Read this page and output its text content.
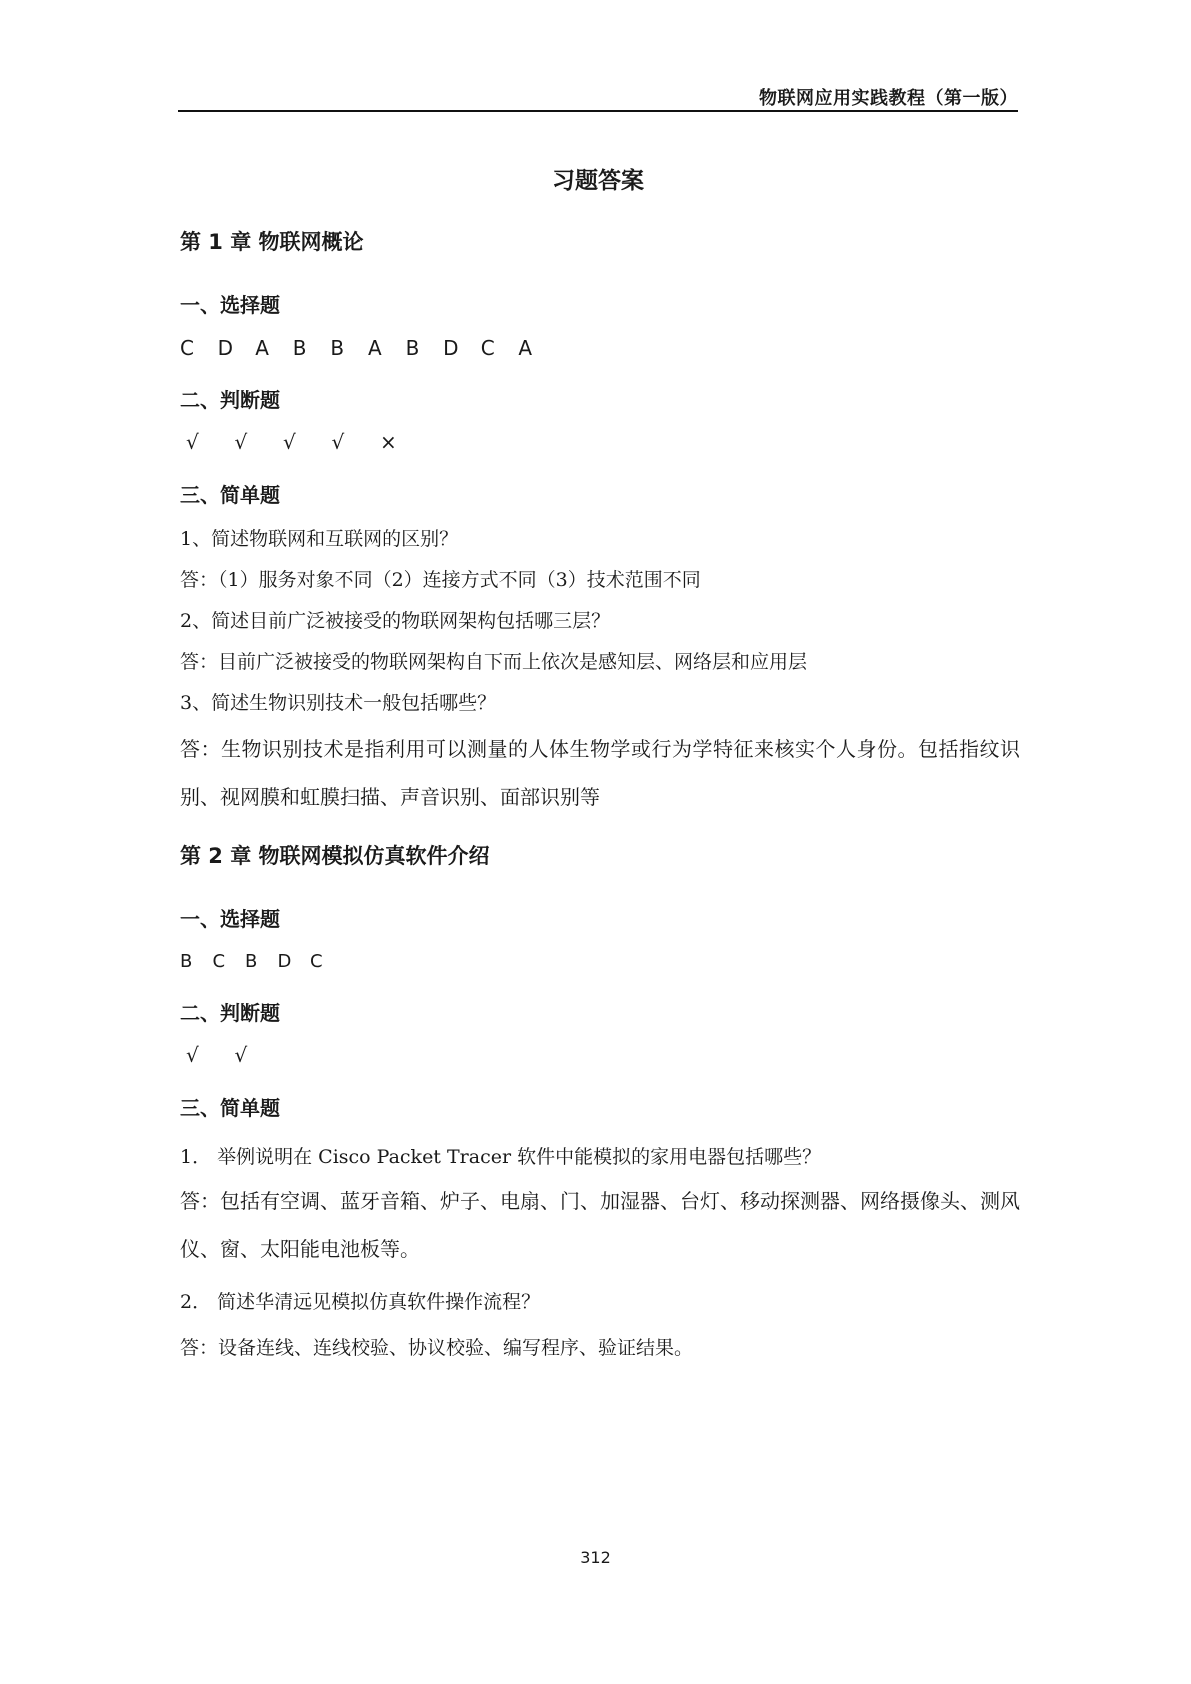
物联网应用实践教程（第一版）
习题答案
第 1 章 物联网概论
一、选择题
C	D	A	B	B	A	B	D	C	A
二、判断题
√	√	√	√	×
三、简单题
1、简述物联网和互联网的区别？
答：（1）服务对象不同（2）连接方式不同（3）技术范围不同
2、简述目前广泛被接受的物联网架构包括哪三层？
答：目前广泛被接受的物联网架构自下而上依次是感知层、网络层和应用层
3、简述生物识别技术一般包括哪些？
答：生物识别技术是指利用可以测量的人体生物学或行为学特征来核实个人身份。包括指纹识别、视网膜和虹膜扫描、声音识别、面部识别等
第 2 章 物联网模拟仿真软件介绍
一、选择题
B	C	B	D	C
二、判断题
√	√
三、简单题
1． 举例说明在 Cisco Packet Tracer 软件中能模拟的家用电器包括哪些？
答：包括有空调、蓝牙音箱、炉子、电扇、门、加湿器、台灯、移动探测器、网络摄像头、测风仪、窗、太阳能电池板等。
2． 简述华清远见模拟仿真软件操作流程？
答：设备连线、连线校验、协议校验、编写程序、验证结果。
312
